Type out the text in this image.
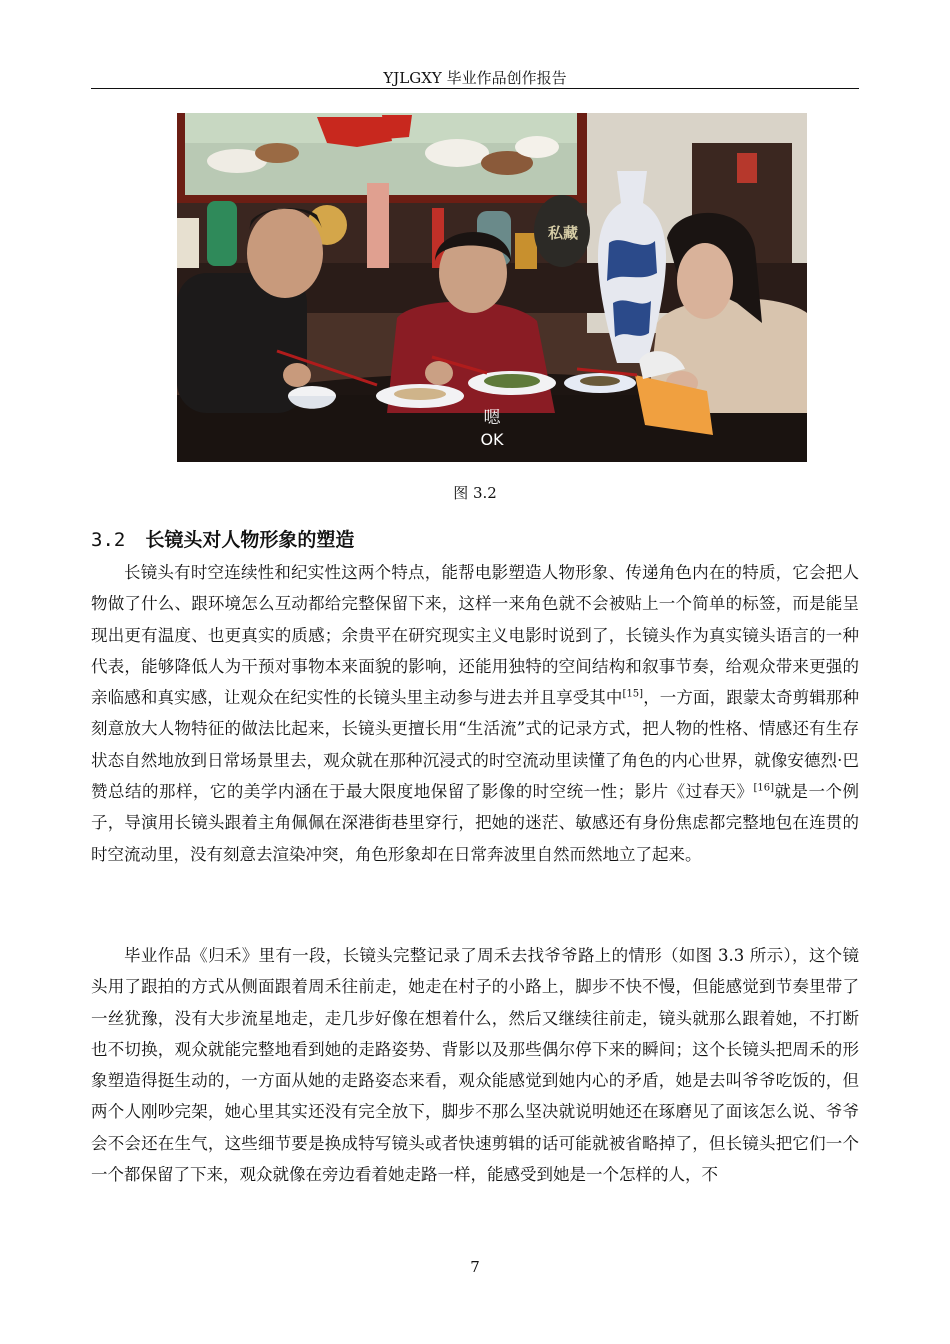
YJLGXY 毕业作品创作报告
私藏
嗯
OK
图 3.2
3.2 长镜头对人物形象的塑造

长镜头有时空连续性和纪实性这两个特点，能帮电影塑造人物形象、传递角色内在的特质，它会把人物做了什么、跟环境怎么互动都给完整保留下来，这样一来角色就不会被贴上一个简单的标签，而是能呈现出更有温度、也更真实的质感；余贵平在研究现实主义电影时说到了，长镜头作为真实镜头语言的一种代表，能够降低人为干预对事物本来面貌的影响，还能用独特的空间结构和叙事节奏，给观众带来更强的亲临感和真实感，让观众在纪实性的长镜头里主动参与进去并且享受其中[15]，一方面，跟蒙太奇剪辑那种刻意放大人物特征的做法比起来，长镜头更擅长用“生活流”式的记录方式，把人物的性格、情感还有生存状态自然地放到日常场景里去，观众就在那种沉浸式的时空流动里读懂了角色的内心世界，就像安德烈·巴赞总结的那样，它的美学内涵在于最大限度地保留了影像的时空统一性；影片《过春天》[16]就是一个例子，导演用长镜头跟着主角佩佩在深港街巷里穿行，把她的迷茫、敏感还有身份焦虑都完整地包在连贯的时空流动里，没有刻意去渲染冲突，角色形象却在日常奔波里自然而然地立了起来。

毕业作品《归禾》里有一段，长镜头完整记录了周禾去找爷爷路上的情形（如图 3.3 所示），这个镜头用了跟拍的方式从侧面跟着周禾往前走，她走在村子的小路上，脚步不快不慢，但能感觉到节奏里带了一丝犹豫，没有大步流星地走，走几步好像在想着什么，然后又继续往前走，镜头就那么跟着她，不打断也不切换，观众就能完整地看到她的走路姿势、背影以及那些偶尔停下来的瞬间；这个长镜头把周禾的形象塑造得挺生动的，一方面从她的走路姿态来看，观众能感觉到她内心的矛盾，她是去叫爷爷吃饭的，但两个人刚吵完架，她心里其实还没有完全放下，脚步不那么坚决就说明她还在琢磨见了面该怎么说、爷爷会不会还在生气，这些细节要是换成特写镜头或者快速剪辑的话可能就被省略掉了，但长镜头把它们一个一个都保留了下来，观众就像在旁边看着她走路一样，能感受到她是一个怎样的人，不

7
